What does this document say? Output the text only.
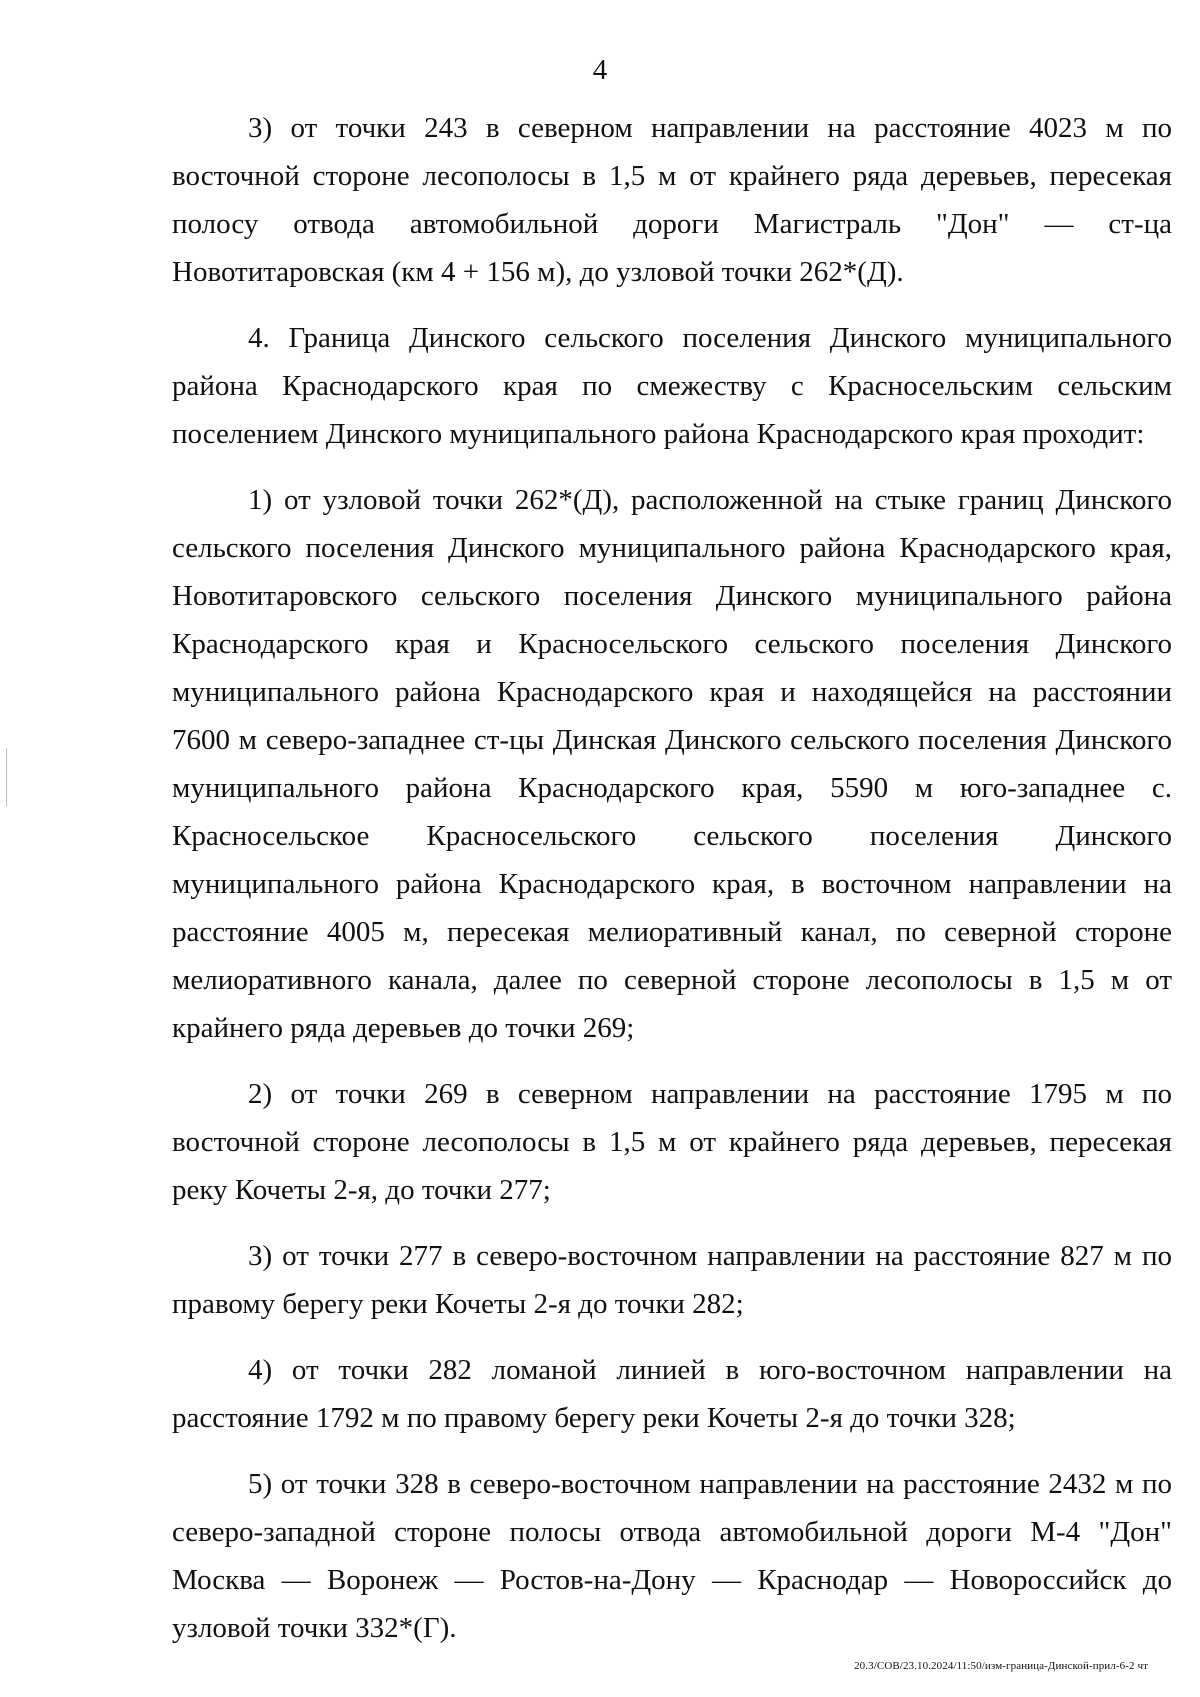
4

3) от точки 243 в северном направлении на расстояние 4023 м по восточной стороне лесополосы в 1,5 м от крайнего ряда деревьев, пересекая полосу отвода автомобильной дороги Магистраль "Дон" — ст-ца Новотитаровская (км 4 + 156 м), до узловой точки 262*(Д).

4. Граница Динского сельского поселения Динского муниципального района Краснодарского края по смежеству с Красносельским сельским поселением Динского муниципального района Краснодарского края проходит:

1) от узловой точки 262*(Д), расположенной на стыке границ Динского сельского поселения Динского муниципального района Краснодарского края, Новотитаровского сельского поселения Динского муниципального района Краснодарского края и Красносельского сельского поселения Динского муниципального района Краснодарского края и находящейся на расстоянии 7600 м северо-западнее ст-цы Динская Динского сельского поселения Динского муниципального района Краснодарского края, 5590 м юго-западнее с. Красносельское Красносельского сельского поселения Динского муниципального района Краснодарского края, в восточном направлении на расстояние 4005 м, пересекая мелиоративный канал, по северной стороне мелиоративного канала, далее по северной стороне лесополосы в 1,5 м от крайнего ряда деревьев до точки 269;

2) от точки 269 в северном направлении на расстояние 1795 м по восточной стороне лесополосы в 1,5 м от крайнего ряда деревьев, пересекая реку Кочеты 2-я, до точки 277;

3) от точки 277 в северо-восточном направлении на расстояние 827 м по правому берегу реки Кочеты 2-я до точки 282;

4) от точки 282 ломаной линией в юго-восточном направлении на расстояние 1792 м по правому берегу реки Кочеты 2-я до точки 328;

5) от точки 328 в северо-восточном направлении на расстояние 2432 м по северо-западной стороне полосы отвода автомобильной дороги М-4 "Дон" Москва — Воронеж — Ростов-на-Дону — Краснодар — Новороссийск до узловой точки 332*(Г).

20.3/СОВ/23.10.2024/11:50/изм-граница-Динской-прил-6-2 чт
